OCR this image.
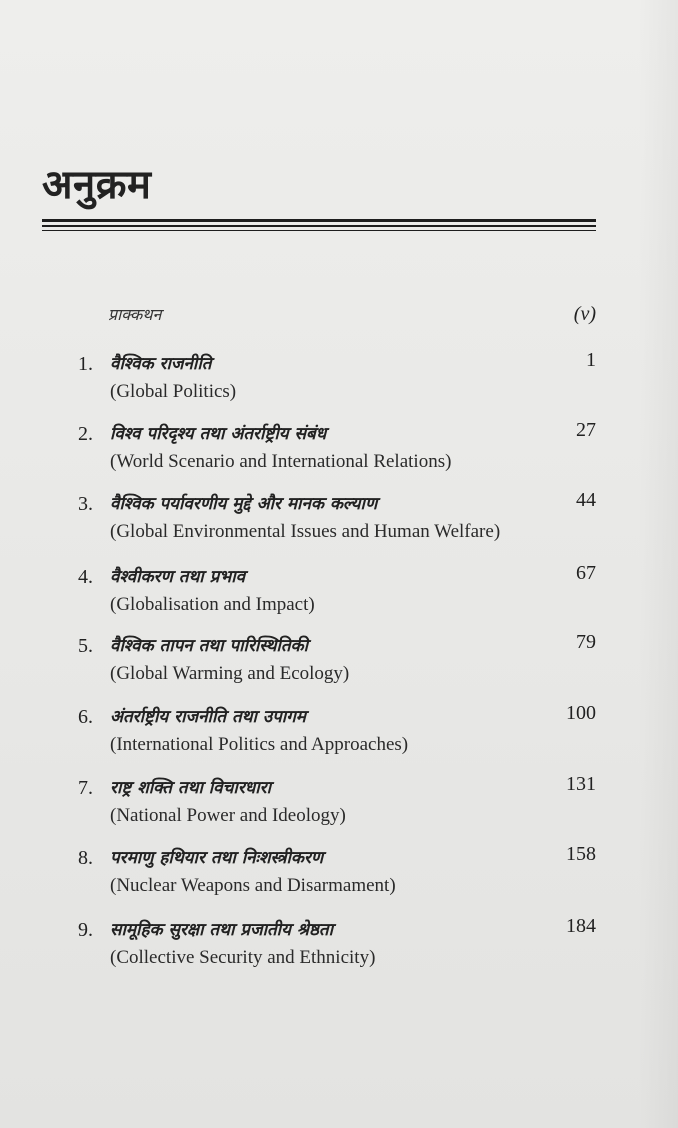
अनुक्रम
प्राक्कथन	(v)
1. वैश्विक राजनीति
(Global Politics)
1
2. विश्व परिदृश्य तथा अंतर्राष्ट्रीय संबंध
(World Scenario and International Relations)
27
3. वैश्विक पर्यावरणीय मुद्दे और मानक कल्याण
(Global Environmental Issues and Human Welfare)
44
4. वैश्वीकरण तथा प्रभाव
(Globalisation and Impact)
67
5. वैश्विक तापन तथा पारिस्थितिकी
(Global Warming and Ecology)
79
6. अंतर्राष्ट्रीय राजनीति तथा उपागम
(International Politics and Approaches)
100
7. राष्ट्र शक्ति तथा विचारधारा
(National Power and Ideology)
131
8. परमाणु हथियार तथा निःशस्त्रीकरण
(Nuclear Weapons and Disarmament)
158
9. सामूहिक सुरक्षा तथा प्रजातीय श्रेष्ठता
(Collective Security and Ethnicity)
184
